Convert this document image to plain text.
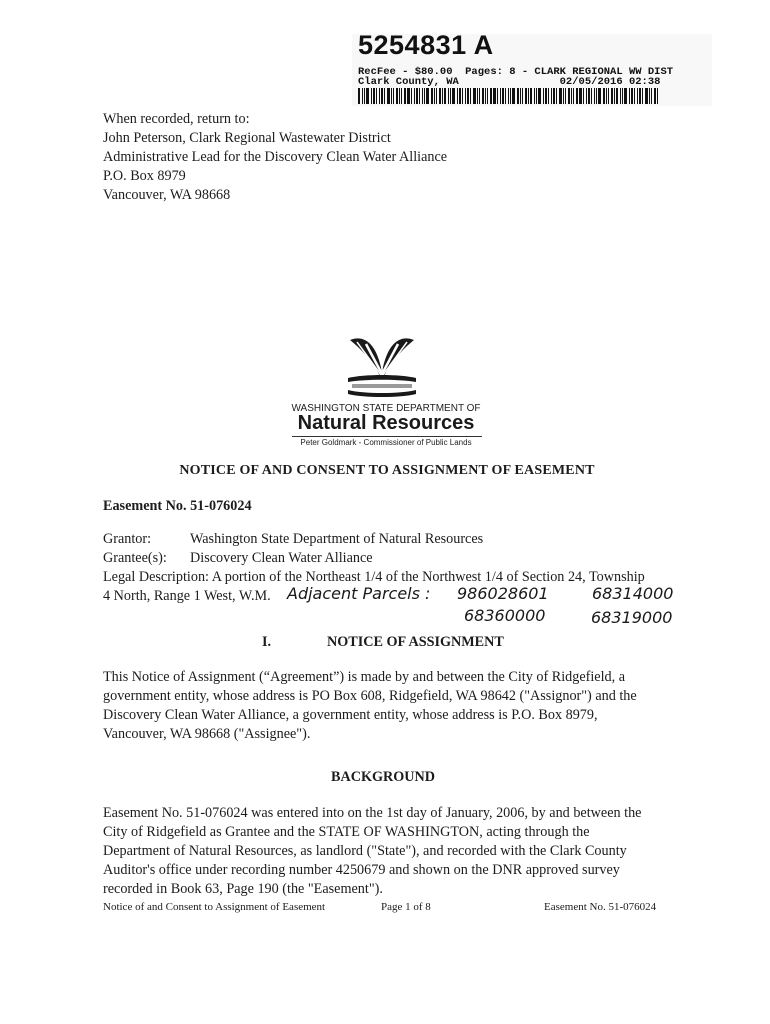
5254831 A
RecFee - $80.00  Pages: 8 - CLARK REGIONAL WW DIST
Clark County, WA                02/05/2016 02:38
When recorded, return to:
John Peterson, Clark Regional Wastewater District
Administrative Lead for the Discovery Clean Water Alliance
P.O. Box 8979
Vancouver, WA 98668
WASHINGTON STATE DEPARTMENT OF
Natural Resources
Peter Goldmark - Commissioner of Public Lands
NOTICE OF AND CONSENT TO ASSIGNMENT OF EASEMENT
Easement No. 51-076024
Grantor:	Washington State Department of Natural Resources
Grantee(s): Discovery Clean Water Alliance
Legal Description: A portion of the Northeast 1/4 of the Northwest 1/4 of Section 24, Township
4 North, Range 1 West, W.M. Adjacent Parcels : 986028601	68314000
68360000	68319000
I.	NOTICE OF ASSIGNMENT
This Notice of Assignment (“Agreement”) is made by and between the City of Ridgefield, a
government entity, whose address is PO Box 608, Ridgefield, WA 98642 ("Assignor") and the
Discovery Clean Water Alliance, a government entity, whose address is P.O. Box 8979,
Vancouver, WA 98668 ("Assignee").
BACKGROUND
Easement No. 51-076024 was entered into on the 1st day of January, 2006, by and between the
City of Ridgefield as Grantee and the STATE OF WASHINGTON, acting through the
Department of Natural Resources, as landlord ("State"), and recorded with the Clark County
Auditor's office under recording number 4250679 and shown on the DNR approved survey
recorded in Book 63, Page 190 (the "Easement").
Notice of and Consent to Assignment of Easement	Page 1 of 8	Easement No. 51-076024
